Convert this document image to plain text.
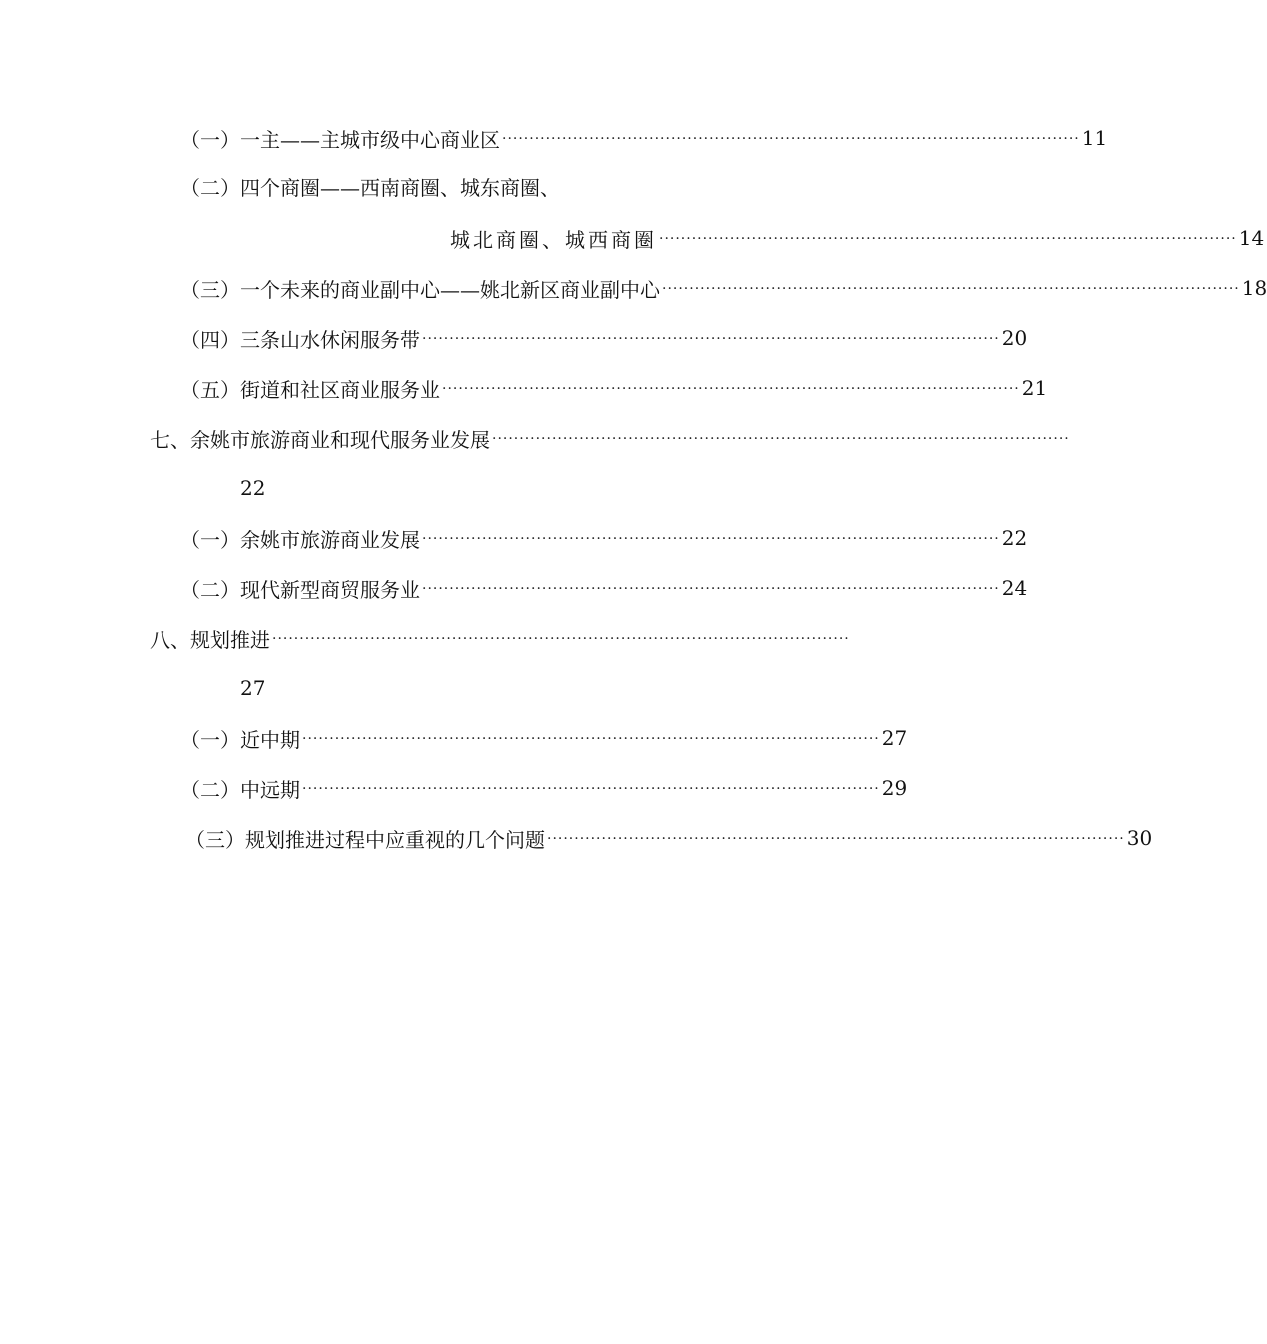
（一）一主——主城市级中心商业区 ·········································································································· 11
（二）四个商圈——西南商圈、城东商圈、
城北商圈、城西商圈 ·········································································································· 14
（三）一个未来的商业副中心——姚北新区商业副中心 ·········································································································· 18
（四）三条山水休闲服务带 ·········································································································· 20
（五）街道和社区商业服务业 ·········································································································· 21
七、余姚市旅游商业和现代服务业发展 ··········································································································
22
（一）余姚市旅游商业发展 ·········································································································· 22
（二）现代新型商贸服务业 ·········································································································· 24
八、规划推进 ··········································································································
27
（一）近中期 ·········································································································· 27
（二）中远期 ·········································································································· 29
（三）规划推进过程中应重视的几个问题 ·········································································································· 30
